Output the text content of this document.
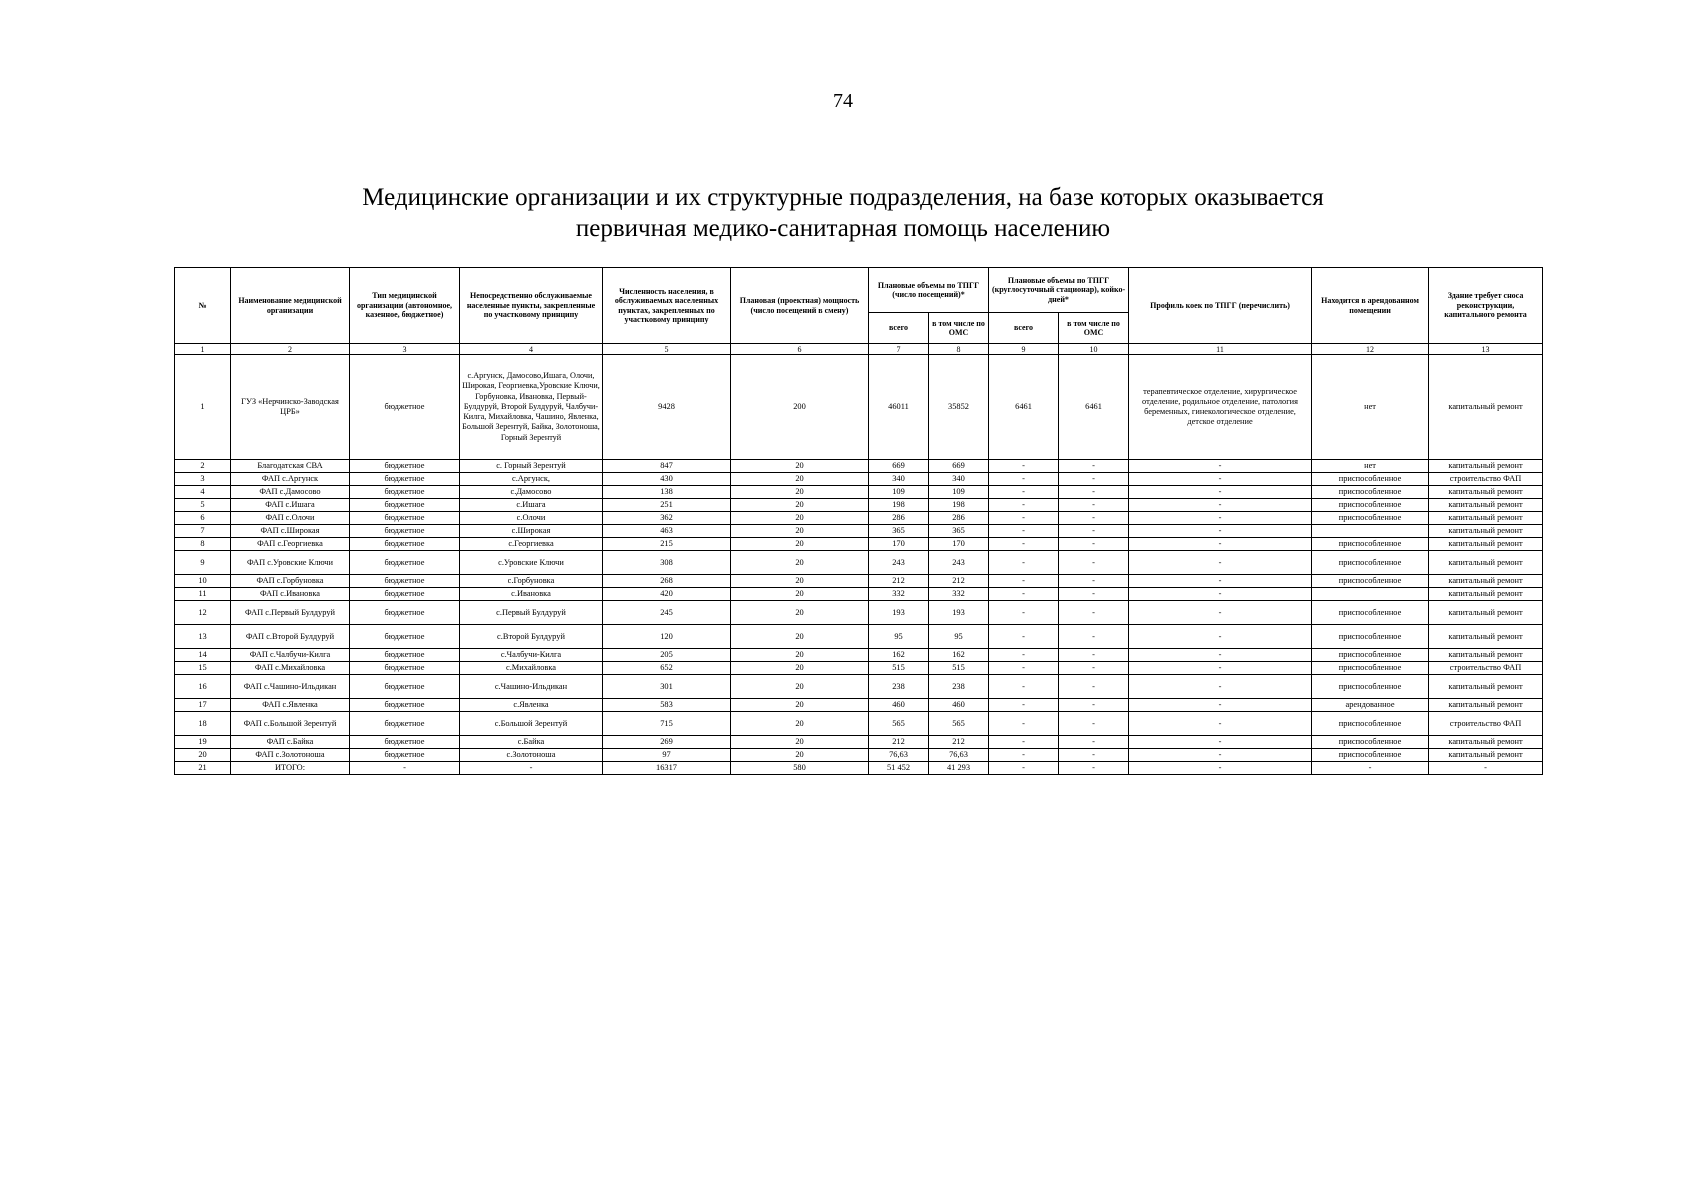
74
Медицинские организации и их структурные подразделения, на базе которых оказывается
первичная медико-санитарная помощь населению
№	Наименование медицинской организации	Тип медицинской организации (автономное, казенное, бюджетное)	Непосредственно обслуживаемые населенные пункты, закрепленные по участковому принципу	Численность населения, в обслуживаемых населенных пунктах, закрепленных по участковому принципу	Плановая (проектная) мощность (число посещений в смену)	Плановые объемы по ТПГГ (число посещений)*		Плановые объемы по ТПГГ (круглосуточный стационар), койко-дней*		Профиль коек по ТПГГ (перечислить)	Находится в арендованном помещении	Здание требует сноса реконструкции, капитального ремонта
						всего	в том числе по ОМС	всего	в том числе по ОМС			
1	2	3	4	5	6	7	8	9	10	11	12	13
1	ГУЗ «Нерчинско-Заводская ЦРБ»	бюджетное	с.Аргунск, Дамосово,Ишага, Олочи, Широкая, Георгиевка,Уровские Ключи, Горбуновка, Ивановка, Первый-Булдуруй, Второй Булдуруй, Чалбучи-Килга, Михайловка, Чашино, Явленка, Большой Зерентуй, Байка, Золотоноша, Горный Зерентуй	9428	200	46011	35852	6461	6461	терапевтическое отделение, хирургическое отделение, родильное отделение, патология беременных, гинекологическое отделение, детское отделение	нет	капитальный ремонт
2	Благодатская СВА	бюджетное	с. Горный Зерентуй	847	20	669	669	-	-	-	нет	капитальный ремонт
3	ФАП с.Аргунск	бюджетное	с.Аргунск,	430	20	340	340	-	-	-	приспособленное	строительство ФАП
4	ФАП с.Дамосово	бюджетное	с.Дамосово	138	20	109	109	-	-	-	приспособленное	капитальный ремонт
5	ФАП с.Ишага	бюджетное	с.Ишага	251	20	198	198	-	-	-	приспособленное	капитальный ремонт
6	ФАП с.Олочи	бюджетное	с.Олочи	362	20	286	286	-	-	-	приспособленное	капитальный ремонт
7	ФАП с.Широкая	бюджетное	с.Широкая	463	20	365	365	-	-	-		капитальный ремонт
8	ФАП с.Георгиевка	бюджетное	с.Георгиевка	215	20	170	170	-	-	-	приспособленное	капитальный ремонт
9	ФАП с.Уровские Ключи	бюджетное	с.Уровские Ключи	308	20	243	243	-	-	-	приспособленное	капитальный ремонт
10	ФАП с.Горбуновка	бюджетное	с.Горбуновка	268	20	212	212	-	-	-	приспособленное	капитальный ремонт
11	ФАП с.Ивановка	бюджетное	с.Ивановка	420	20	332	332	-	-	-		капитальный ремонт
12	ФАП с.Первый Булдуруй	бюджетное	с.Первый Булдуруй	245	20	193	193	-	-	-	приспособленное	капитальный ремонт
13	ФАП с.Второй Булдуруй	бюджетное	с.Второй Булдуруй	120	20	95	95	-	-	-	приспособленное	капитальный ремонт
14	ФАП с.Чалбучи-Килга	бюджетное	с.Чалбучи-Килга	205	20	162	162	-	-	-	приспособленное	капитальный ремонт
15	ФАП с.Михайловка	бюджетное	с.Михайловка	652	20	515	515	-	-	-	приспособленное	строительство ФАП
16	ФАП с.Чашино-Ильдикан	бюджетное	с.Чашино-Ильдикан	301	20	238	238	-	-	-	приспособленное	капитальный ремонт
17	ФАП с.Явленка	бюджетное	с.Явленка	583	20	460	460	-	-	-	арендованное	капитальный ремонт
18	ФАП с.Большой Зерентуй	бюджетное	с.Большой Зерентуй	715	20	565	565	-	-	-	приспособленное	строительство ФАП
19	ФАП с.Байка	бюджетное	с.Байка	269	20	212	212	-	-	-	приспособленное	капитальный ремонт
20	ФАП с.Золотоноша	бюджетное	с.Золотоноша	97	20	76,63	76,63	-	-	-	приспособленное	капитальный ремонт
21	ИТОГО:	-	-	16317	580	51 452	41 293	-	-	-	-	-
